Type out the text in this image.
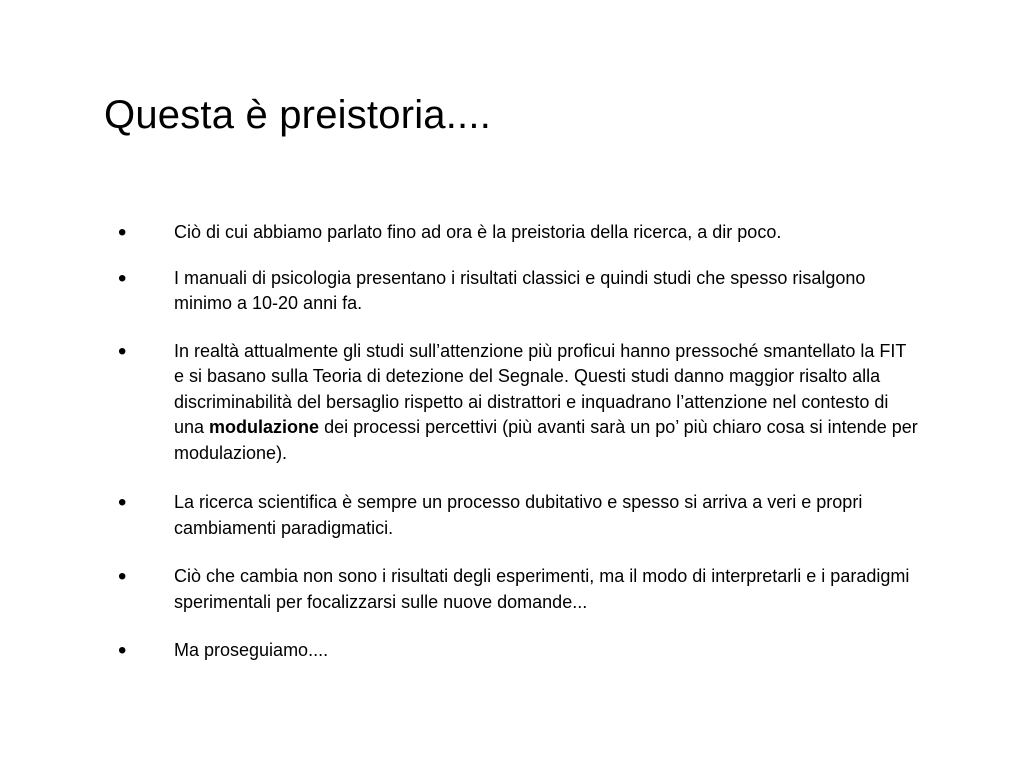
Questa è preistoria....
•	Ciò di cui abbiamo parlato fino ad ora è la preistoria della ricerca, a dir poco.
•	I manuali di psicologia presentano i risultati classici e quindi studi che spesso risalgono minimo a 10-20 anni fa.
•	In realtà attualmente gli studi sull’attenzione più proficui hanno pressoché smantellato la FIT e si basano sulla Teoria di detezione del Segnale. Questi studi danno maggior risalto alla discriminabilità del bersaglio rispetto ai distrattori e inquadrano l’attenzione nel contesto di una modulazione dei processi percettivi (più avanti sarà un po’ più chiaro cosa si intende per modulazione).
•	La ricerca scientifica è sempre un processo dubitativo e spesso si arriva a veri e propri cambiamenti paradigmatici.
•	Ciò che cambia non sono i risultati degli esperimenti, ma il modo di interpretarli e i paradigmi sperimentali per focalizzarsi sulle nuove domande...
•	Ma proseguiamo....
